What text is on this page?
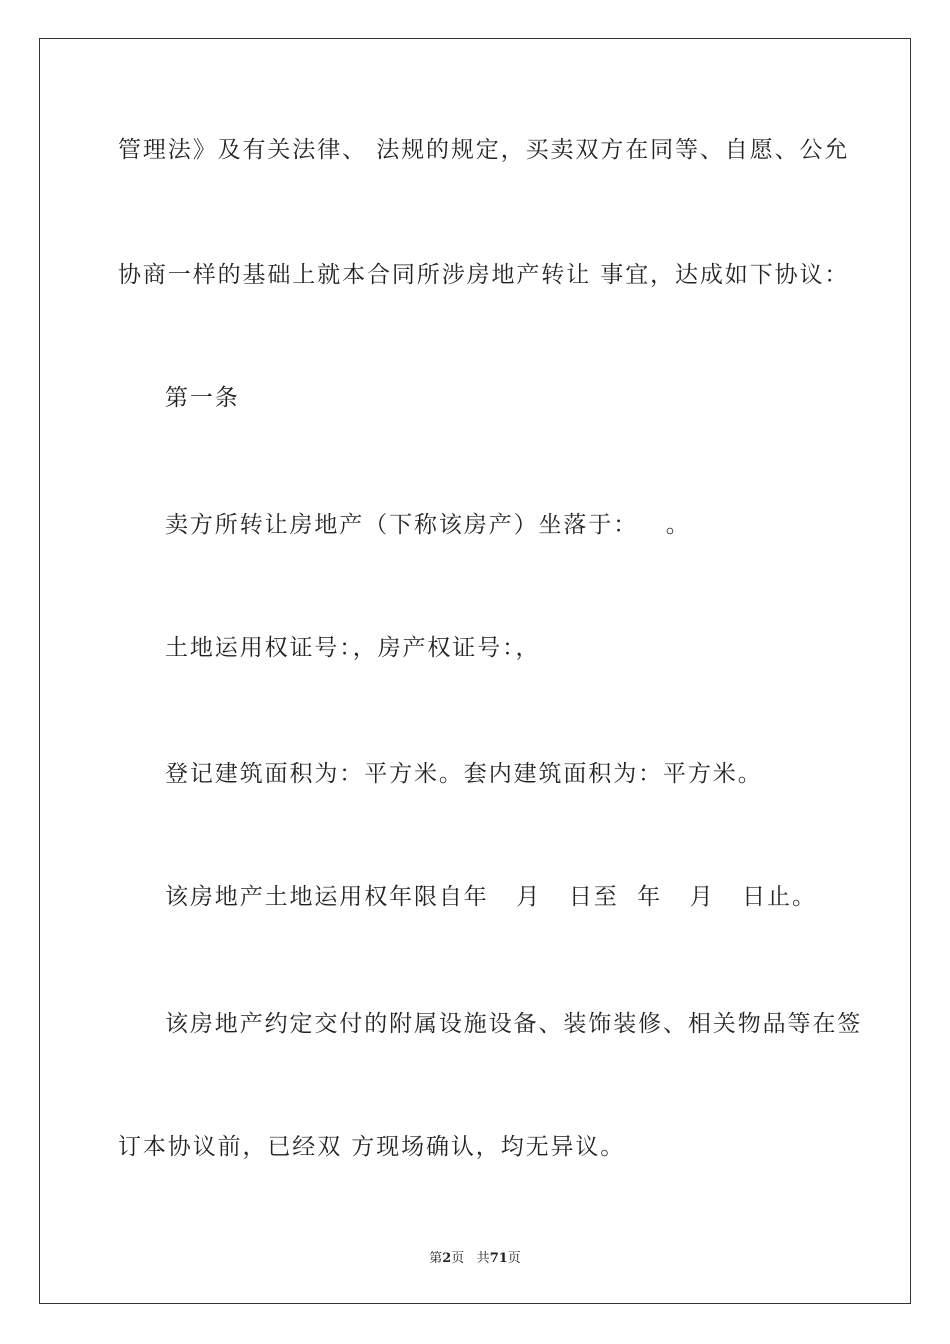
管理法》及有关法律、 法规的规定，买卖双方在同等、自愿、公允
协商一样的基础上就本合同所涉房地产转让 事宜，达成如下协议：
第一条
卖方所转让房地产（下称该房产）坐落于：   。
土地运用权证号：，房产权证号：，
登记建筑面积为：平方米。套内建筑面积为：平方米。
该房地产土地运用权年限自年   月   日至  年   月   日止。
该房地产约定交付的附属设施设备、装饰装修、相关物品等在签
订本协议前，已经双 方现场确认，均无异议。
第2页 共71页
